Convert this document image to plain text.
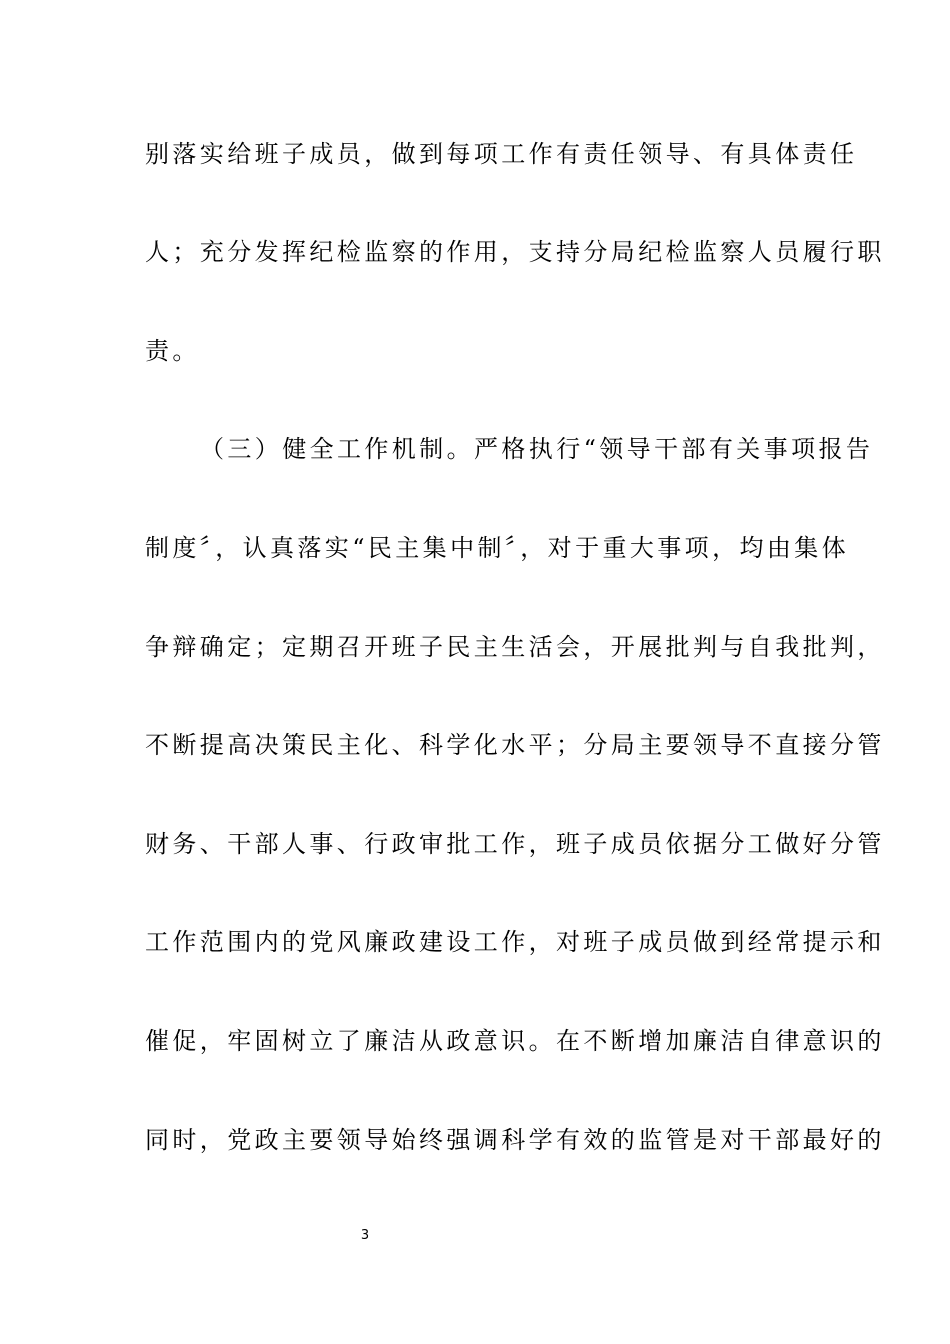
别落实给班子成员，做到每项工作有责任领导、有具体责任
人；充分发挥纪检监察的作用，支持分局纪检监察人员履行职
责。
（三）健全工作机制。严格执行“领导干部有关事项报告
制度〞，认真落实“民主集中制〞，对于重大事项，均由集体
争辩确定；定期召开班子民主生活会，开展批判与自我批判，
不断提高决策民主化、科学化水平；分局主要领导不直接分管
财务、干部人事、行政审批工作，班子成员依据分工做好分管
工作范围内的党风廉政建设工作，对班子成员做到经常提示和
催促，牢固树立了廉洁从政意识。在不断增加廉洁自律意识的
同时，党政主要领导始终强调科学有效的监管是对干部最好的
3
